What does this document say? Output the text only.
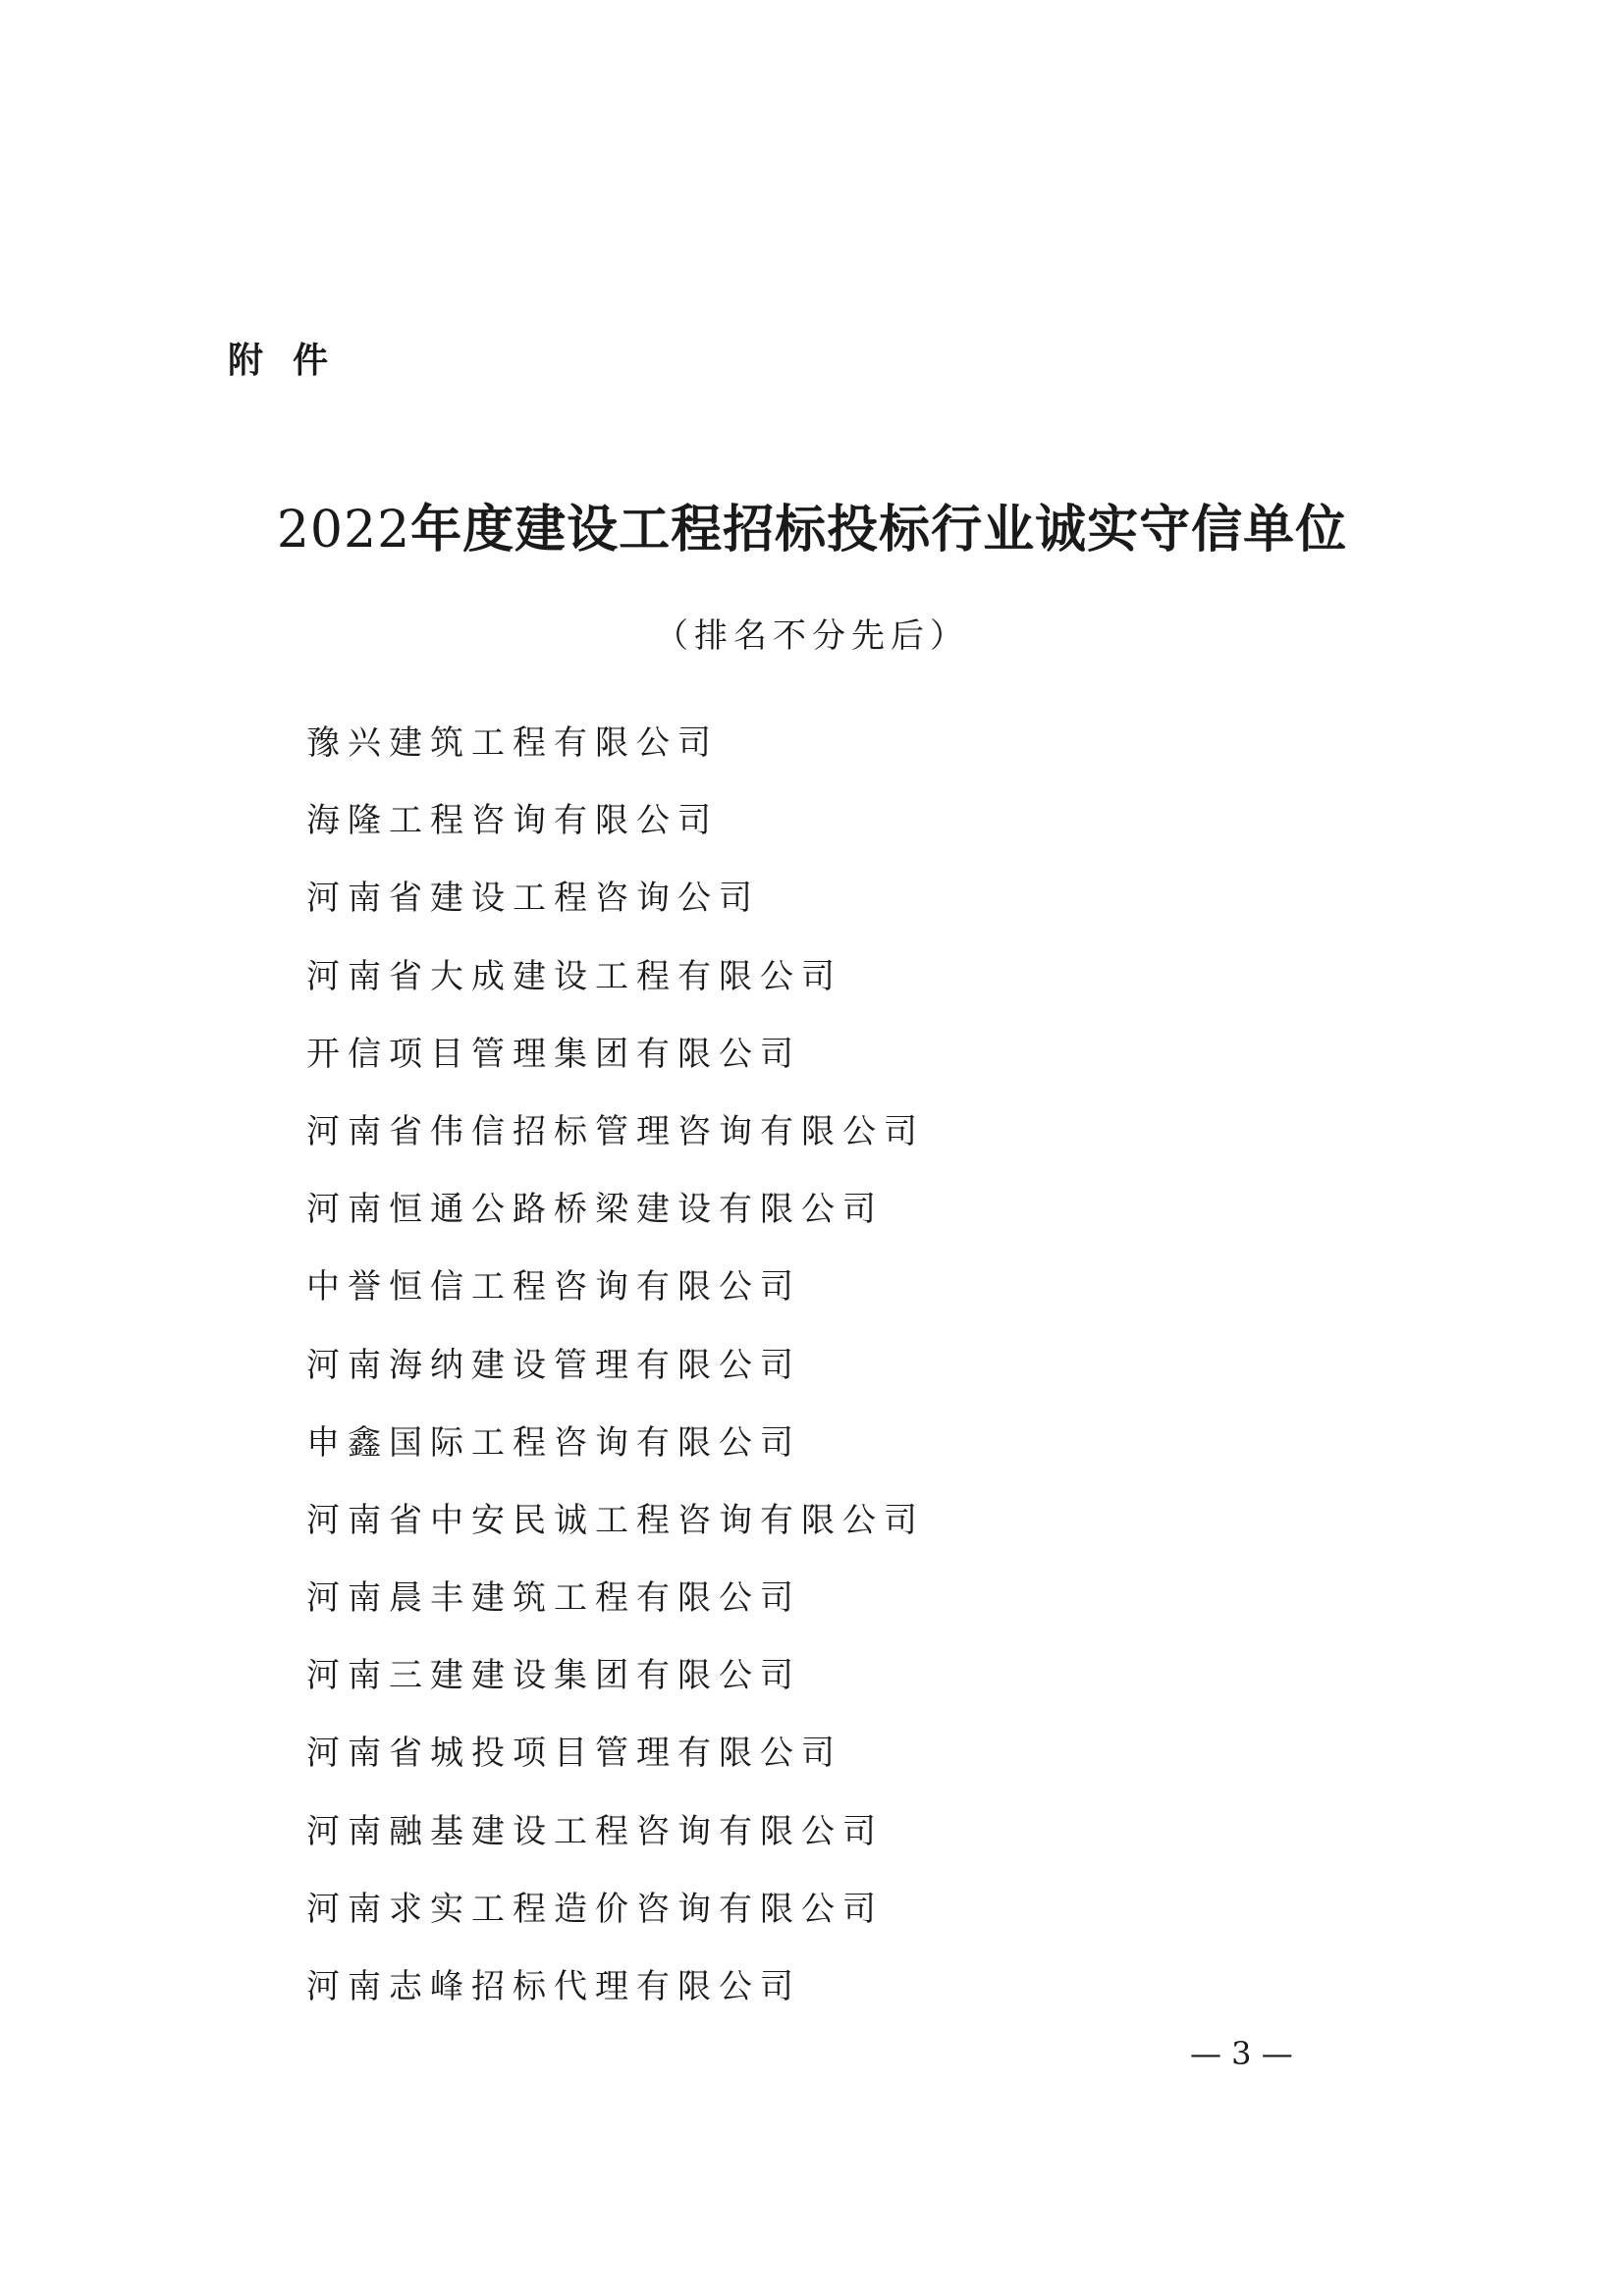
附件
2022年度建设工程招标投标行业诚实守信单位
（排名不分先后）
豫兴建筑工程有限公司
海隆工程咨询有限公司
河南省建设工程咨询公司
河南省大成建设工程有限公司
开信项目管理集团有限公司
河南省伟信招标管理咨询有限公司
河南恒通公路桥梁建设有限公司
中誉恒信工程咨询有限公司
河南海纳建设管理有限公司
申鑫国际工程咨询有限公司
河南省中安民诚工程咨询有限公司
河南晨丰建筑工程有限公司
河南三建建设集团有限公司
河南省城投项目管理有限公司
河南融基建设工程咨询有限公司
河南求实工程造价咨询有限公司
河南志峰招标代理有限公司
— 3 —
